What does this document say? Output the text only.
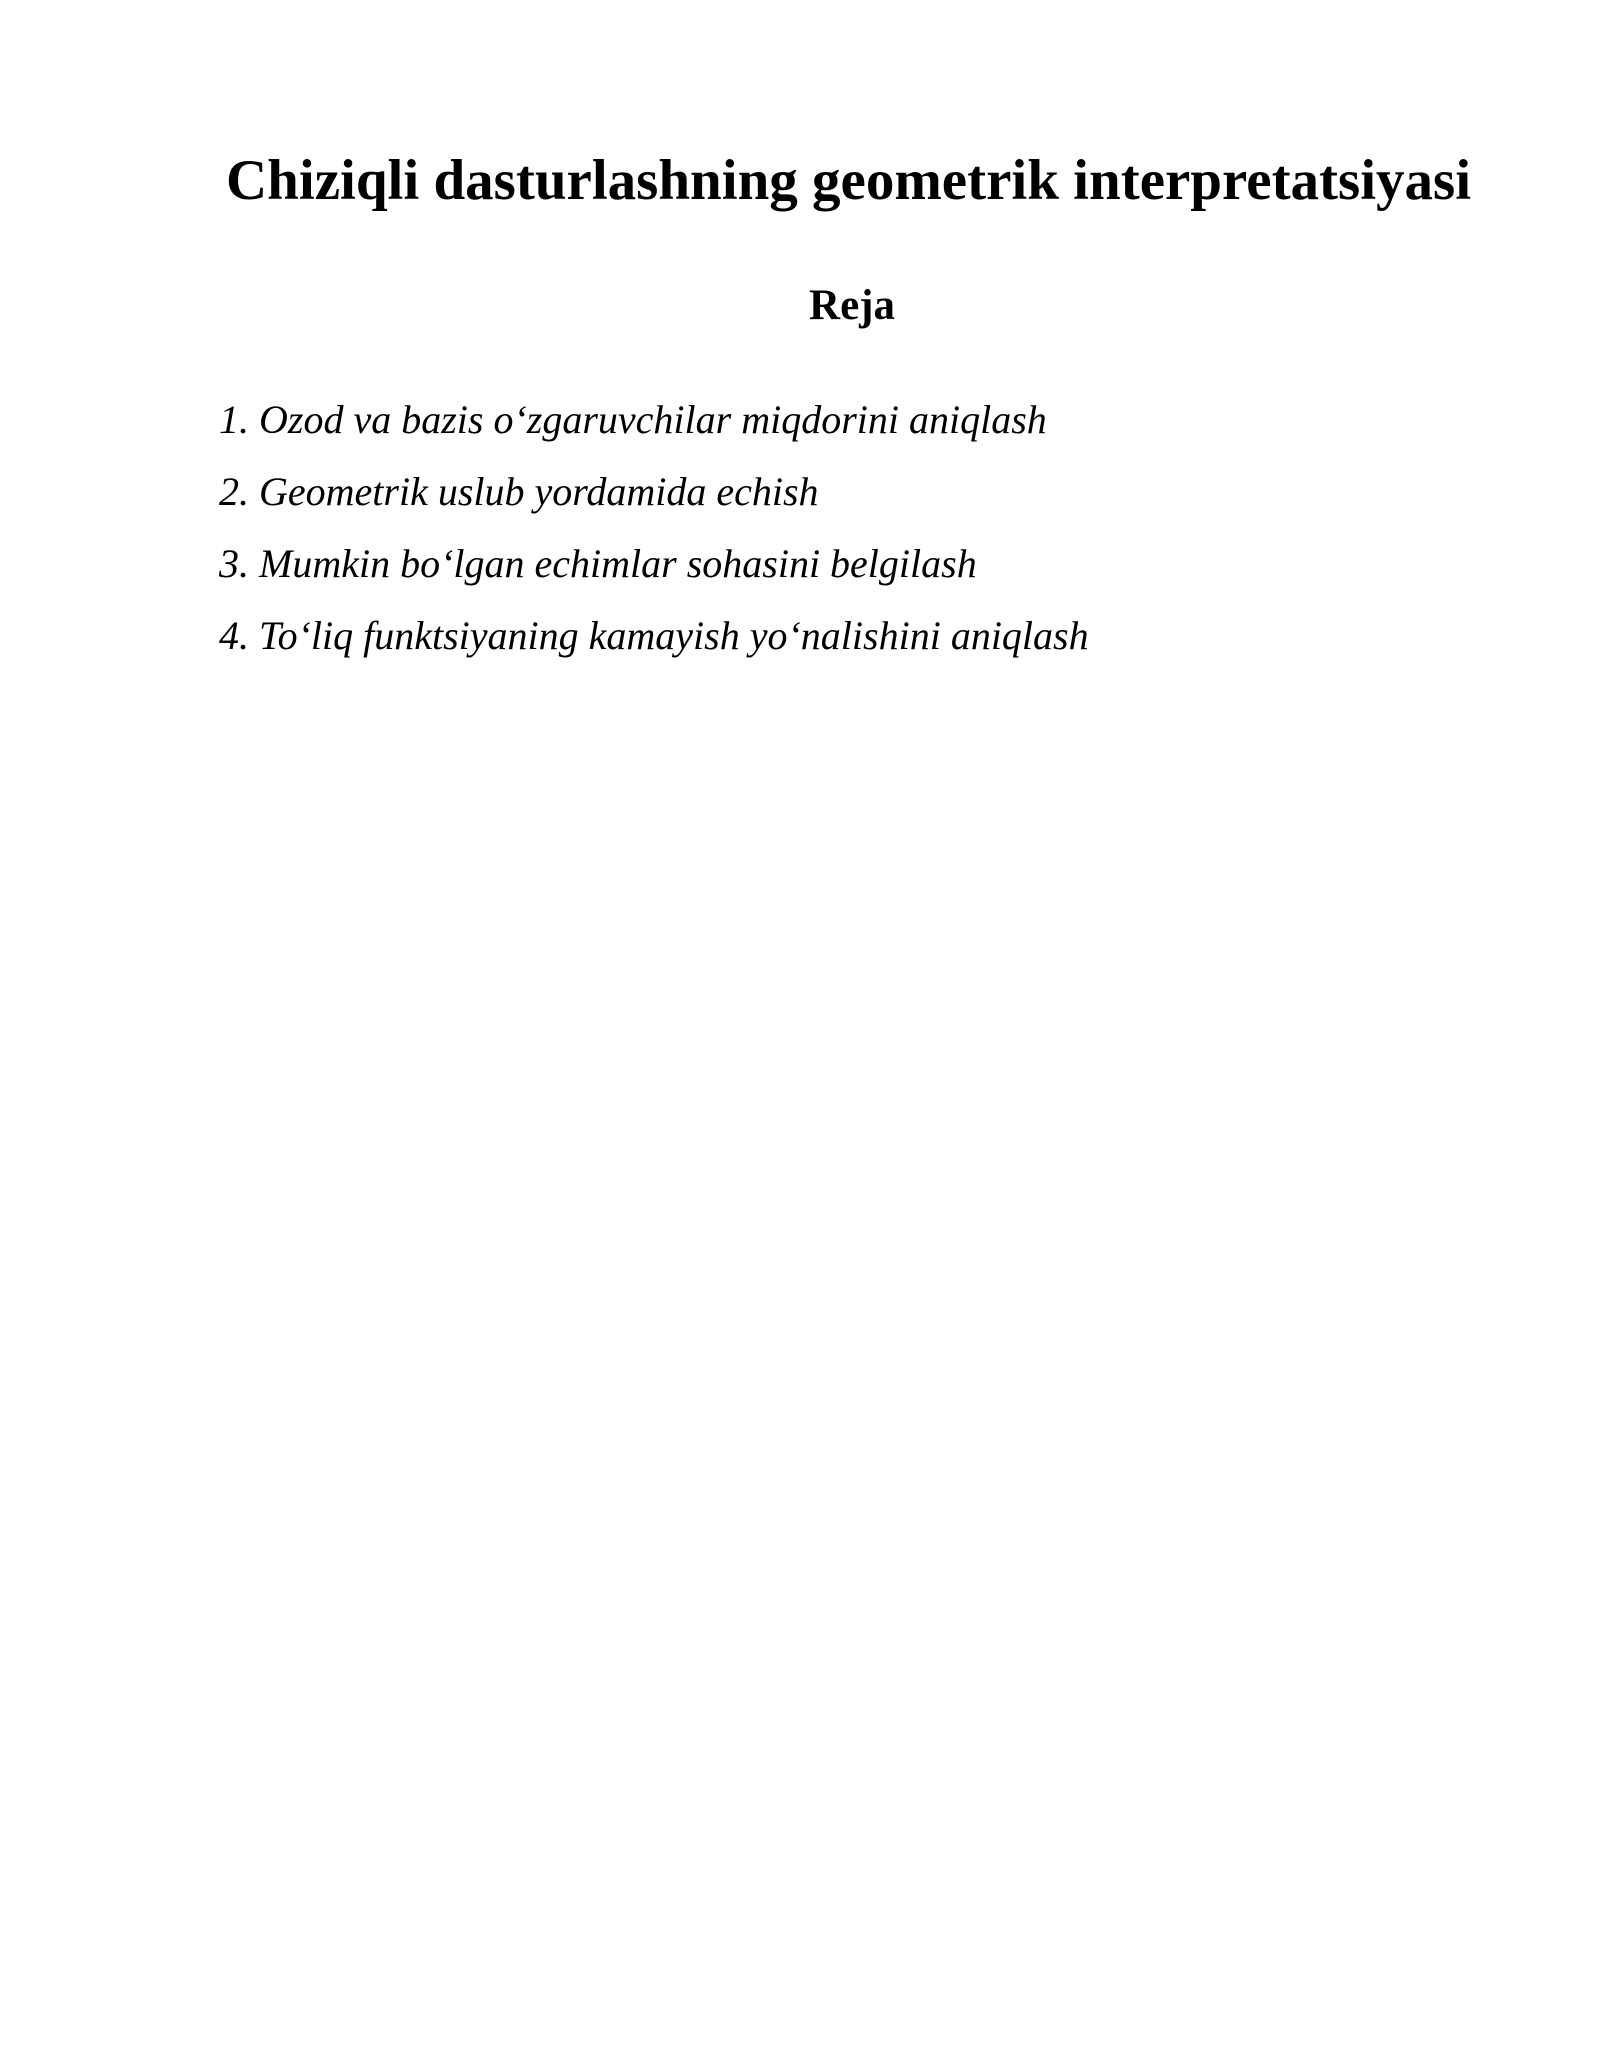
Chiziqli dasturlashning geometrik interpretatsiyasi
Reja
1. Ozod va bazis o‘zgaruvchilar miqdorini aniqlash
2. Geometrik uslub yordamida echish
3. Mumkin bo‘lgan echimlar sohasini belgilash
4. To‘liq funktsiyaning kamayish yo‘nalishini aniqlash
